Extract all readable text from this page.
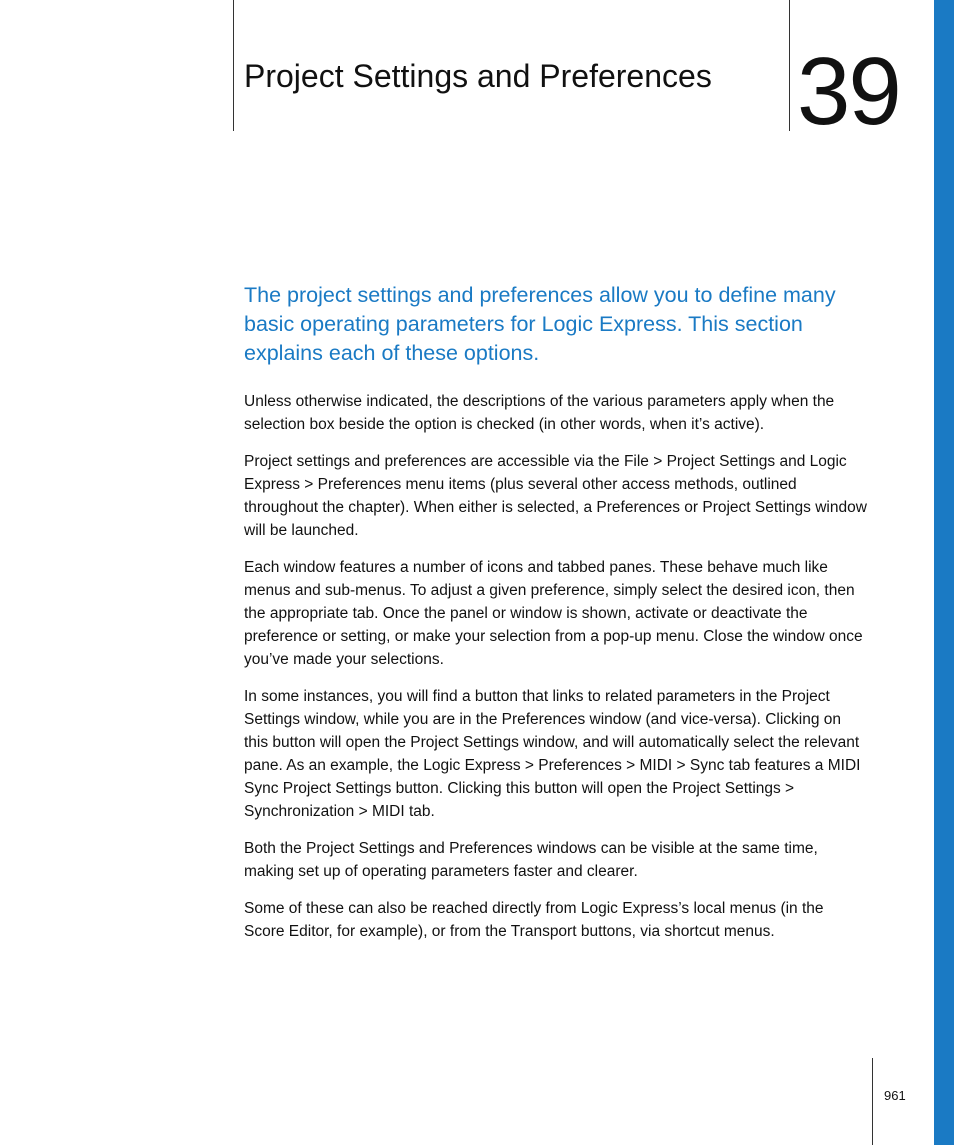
Project Settings and Preferences 39

The project settings and preferences allow you to define many basic operating parameters for Logic Express. This section explains each of these options.

Unless otherwise indicated, the descriptions of the various parameters apply when the selection box beside the option is checked (in other words, when it’s active).

Project settings and preferences are accessible via the File > Project Settings and Logic Express > Preferences menu items (plus several other access methods, outlined throughout the chapter). When either is selected, a Preferences or Project Settings window will be launched.

Each window features a number of icons and tabbed panes. These behave much like menus and sub-menus. To adjust a given preference, simply select the desired icon, then the appropriate tab. Once the panel or window is shown, activate or deactivate the preference or setting, or make your selection from a pop-up menu. Close the window once you’ve made your selections.

In some instances, you will find a button that links to related parameters in the Project Settings window, while you are in the Preferences window (and vice-versa). Clicking on this button will open the Project Settings window, and will automatically select the relevant pane. As an example, the Logic Express > Preferences > MIDI > Sync tab features a MIDI Sync Project Settings button. Clicking this button will open the Project Settings > Synchronization > MIDI tab.

Both the Project Settings and Preferences windows can be visible at the same time, making set up of operating parameters faster and clearer.

Some of these can also be reached directly from Logic Express’s local menus (in the Score Editor, for example), or from the Transport buttons, via shortcut menus.

961
